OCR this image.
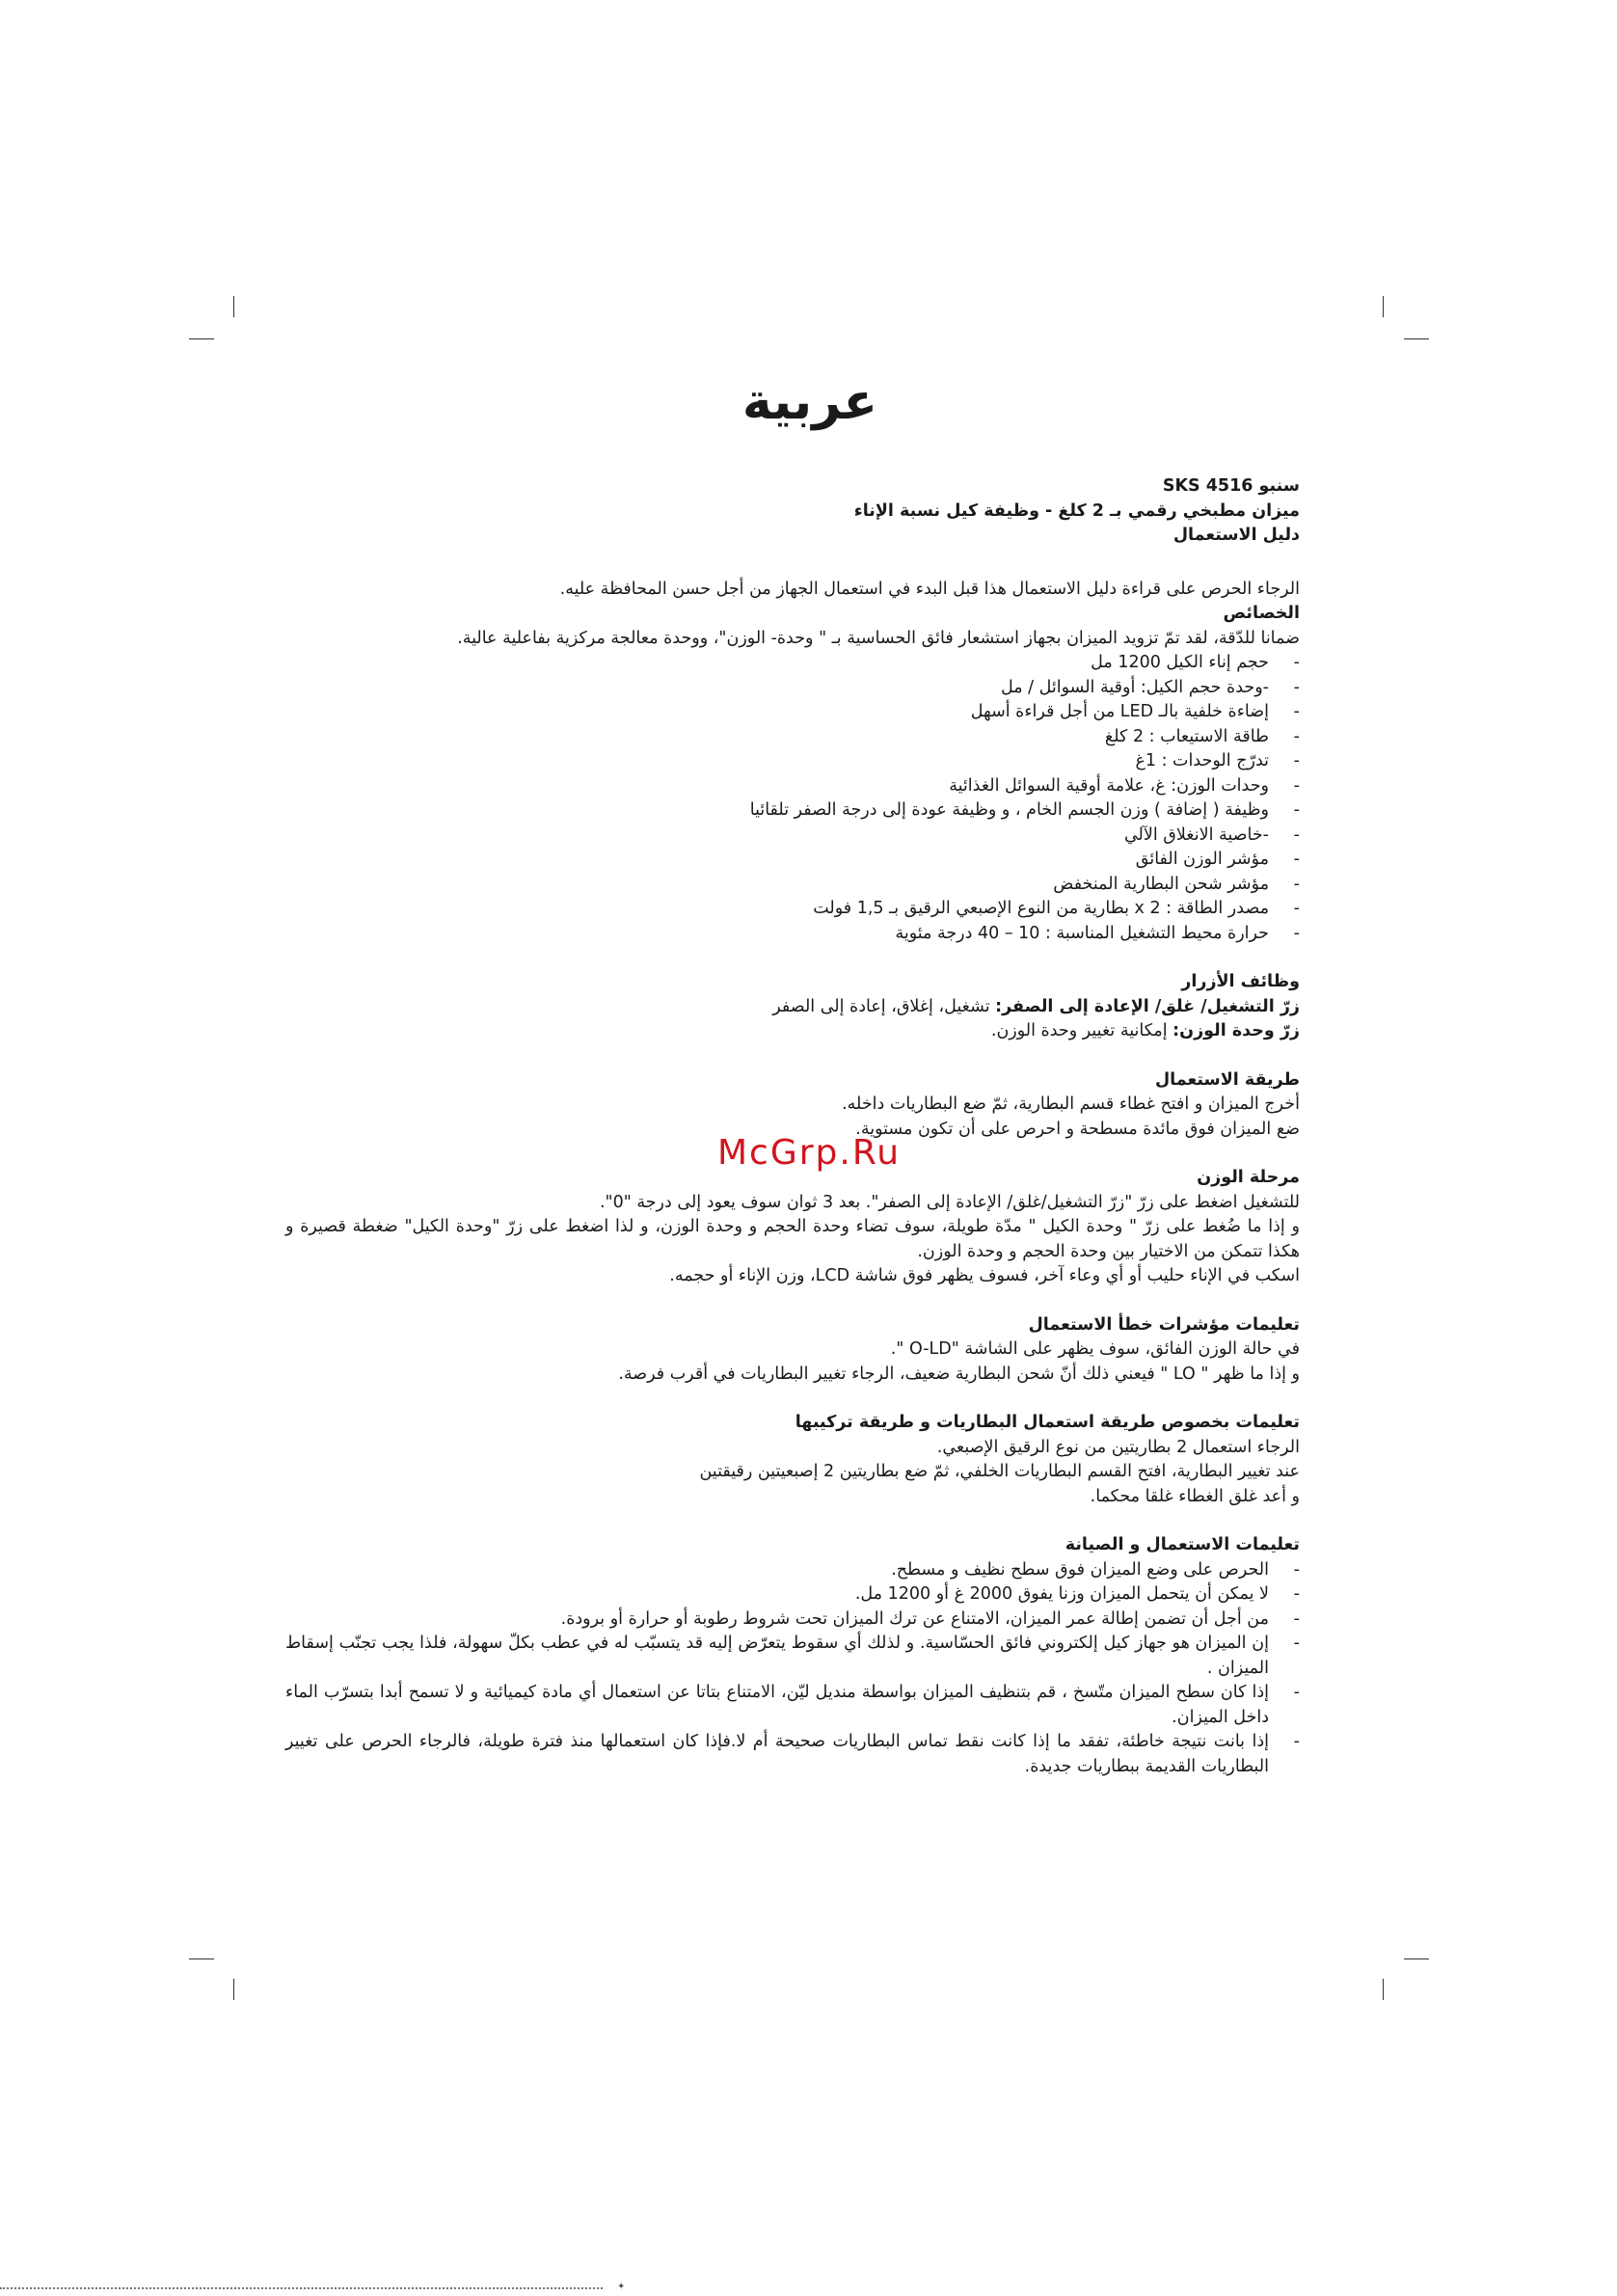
✦
عربية

سنبو SKS 4516

ميزان مطبخي رقمي بـ 2 كلغ - وظيفة كيل نسبة الإناء

دليل الاستعمال

الرجاء الحرص على قراءة دليل الاستعمال هذا قبل البدء في استعمال الجهاز من أجل حسن المحافظة عليه.

الخصائص

ضمانا للدّقة، لقد تمّ تزويد الميزان بجهاز استشعار فائق الحساسية بـ " وحدة- الوزن"، ووحدة معالجة مركزية بفاعلية عالية.

-حجم إناء الكيل 1200 مل

--وحدة حجم الكيل: أوقية السوائل / مل

-إضاءة خلفية بالـ LED من أجل قراءة أسهل

-طاقة الاستيعاب : 2 كلغ

-تدرّج الوحدات : 1غ

-وحدات الوزن: غ، علامة أوقية السوائل الغذائية

-وظيفة ( إضافة ) وزن الجسم الخام ، و وظيفة عودة إلى درجة الصفر تلقائيا

--خاصية الانغلاق الآلي

-مؤشر الوزن الفائق

-مؤشر شحن البطارية المنخفض

-مصدر الطاقة : 2 x بطارية من النوع الإصبعي الرقيق بـ 1,5 فولت

-حرارة محيط التشغيل المناسبة : 10 – 40 درجة مئوية

وظائف الأزرار

زرّ التشغيل/ غلق/ الإعادة إلى الصفر: تشغيل، إغلاق، إعادة إلى الصفر

زرّ وحدة الوزن: إمكانية تغيير وحدة الوزن.

طريقة الاستعمال

أخرج الميزان و افتح غطاء قسم البطارية، ثمّ ضع البطاريات داخله.

ضع الميزان فوق مائدة مسطحة و احرص على أن تكون مستوية.

مرحلة الوزن

للتشغيل اضغط على زرّ "زرّ التشغيل/غلق/ الإعادة إلى الصفر". بعد 3 ثوان سوف يعود إلى درجة "0".

و إذا ما ضُغط على زرّ " وحدة الكيل " مدّة طويلة، سوف تضاء وحدة الحجم و وحدة الوزن، و لذا اضغط على زرّ "وحدة الكيل" ضغطة قصيرة و هكذا تتمكن من الاختيار بين وحدة الحجم و وحدة الوزن.

اسكب في الإناء حليب أو أي وعاء آخر، فسوف يظهر فوق شاشة LCD، وزن الإناء أو حجمه.

تعليمات مؤشرات خطأ الاستعمال

في حالة الوزن الفائق، سوف يظهر على الشاشة "O-LD ".

و إذا ما ظهر " LO " فيعني ذلك أنّ شحن البطارية ضعيف، الرجاء تغيير البطاريات في أقرب فرصة.

تعليمات بخصوص طريقة استعمال البطاريات و طريقة تركيبها

الرجاء استعمال 2 بطاريتين من نوع الرقيق الإصبعي.

عند تغيير البطارية، افتح القسم البطاريات الخلفي، ثمّ ضع بطاريتين 2 إصبعيتين رقيقتين

و أعد غلق الغطاء غلقا محكما.

تعليمات الاستعمال و الصيانة

-الحرص على وضع الميزان فوق سطح نظيف و مسطح.

-لا يمكن أن يتحمل الميزان وزنا يفوق 2000 غ أو 1200 مل.

-من أجل أن تضمن إطالة عمر الميزان، الامتناع عن ترك الميزان تحت شروط رطوبة أو حرارة أو برودة.

-إن الميزان هو جهاز كيل إلكتروني فائق الحسّاسية. و لذلك أي سقوط يتعرّض إليه قد يتسبّب له في عطب بكلّ سهولة، فلذا يجب تجنّب إسقاط الميزان .

-إذا كان سطح الميزان متّسخ ، قم بتنظيف الميزان بواسطة منديل ليّن، الامتناع بتاتا عن استعمال أي مادة كيميائية و لا تسمح أبدا بتسرّب الماء داخل الميزان.

-إذا بانت نتيجة خاطئة، تفقد ما إذا كانت نقط تماس البطاريات صحيحة أم لا.فإذا كان استعمالها منذ فترة طويلة، فالرجاء الحرص على تغيير البطاريات القديمة ببطاريات جديدة.

McGrp.Ru
